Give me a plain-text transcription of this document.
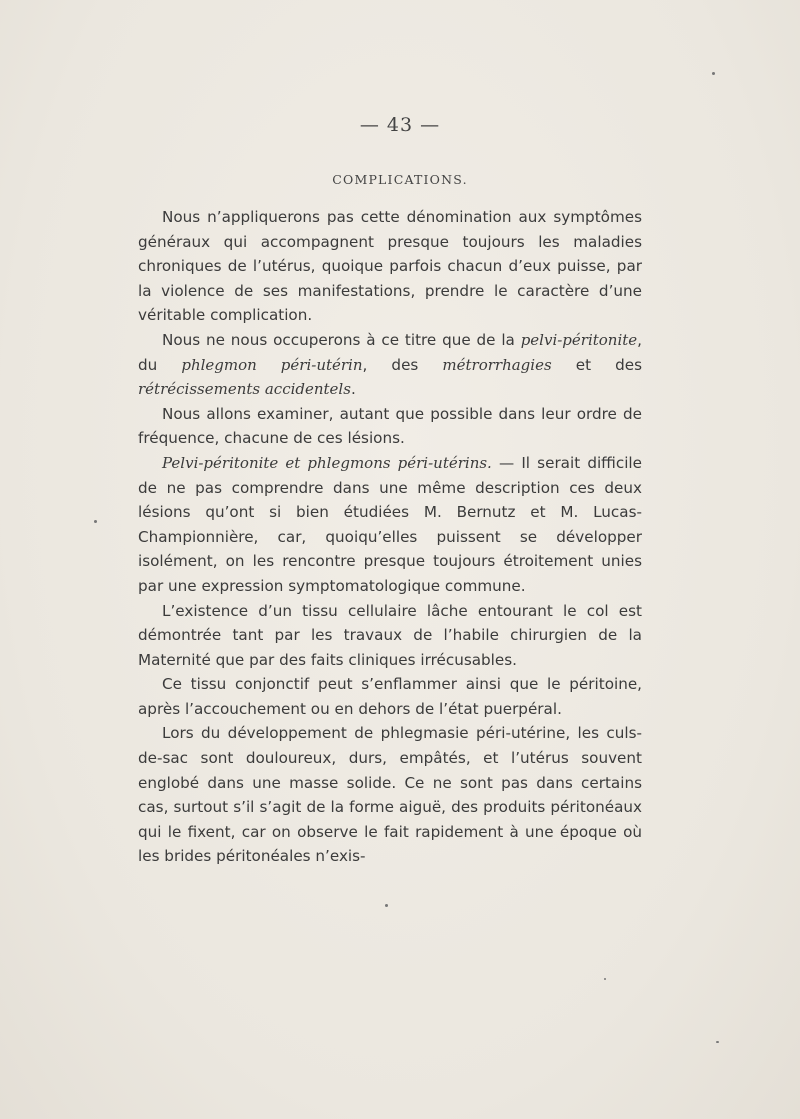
— 43 —
COMPLICATIONS.

Nous n’appliquerons pas cette dénomination aux symptômes généraux qui accompagnent presque toujours les maladies chroniques de l’utérus, quoique parfois chacun d’eux puisse, par la violence de ses manifestations, prendre le caractère d’une véritable complication.

Nous ne nous occuperons à ce titre que de la pelvi-péritonite, du phlegmon péri-utérin, des métrorrhagies et des rétrécissements accidentels.

Nous allons examiner, autant que possible dans leur ordre de fréquence, chacune de ces lésions.

Pelvi-péritonite et phlegmons péri-utérins. — Il serait difficile de ne pas comprendre dans une même description ces deux lésions qu’ont si bien étudiées M. Bernutz et M. Lucas-Championnière, car, quoiqu’elles puissent se développer isolément, on les rencontre presque toujours étroitement unies par une expression symptomatologique commune.

L’existence d’un tissu cellulaire lâche entourant le col est démontrée tant par les travaux de l’habile chirurgien de la Maternité que par des faits cliniques irrécusables.

Ce tissu conjonctif peut s’enflammer ainsi que le péritoine, après l’accouchement ou en dehors de l’état puerpéral.

Lors du développement de phlegmasie péri-utérine, les culs-de-sac sont douloureux, durs, empâtés, et l’utérus souvent englobé dans une masse solide. Ce ne sont pas dans certains cas, surtout s’il s’agit de la forme aiguë, des produits péritonéaux qui le fixent, car on observe le fait rapidement à une époque où les brides péritonéales n’exis-
